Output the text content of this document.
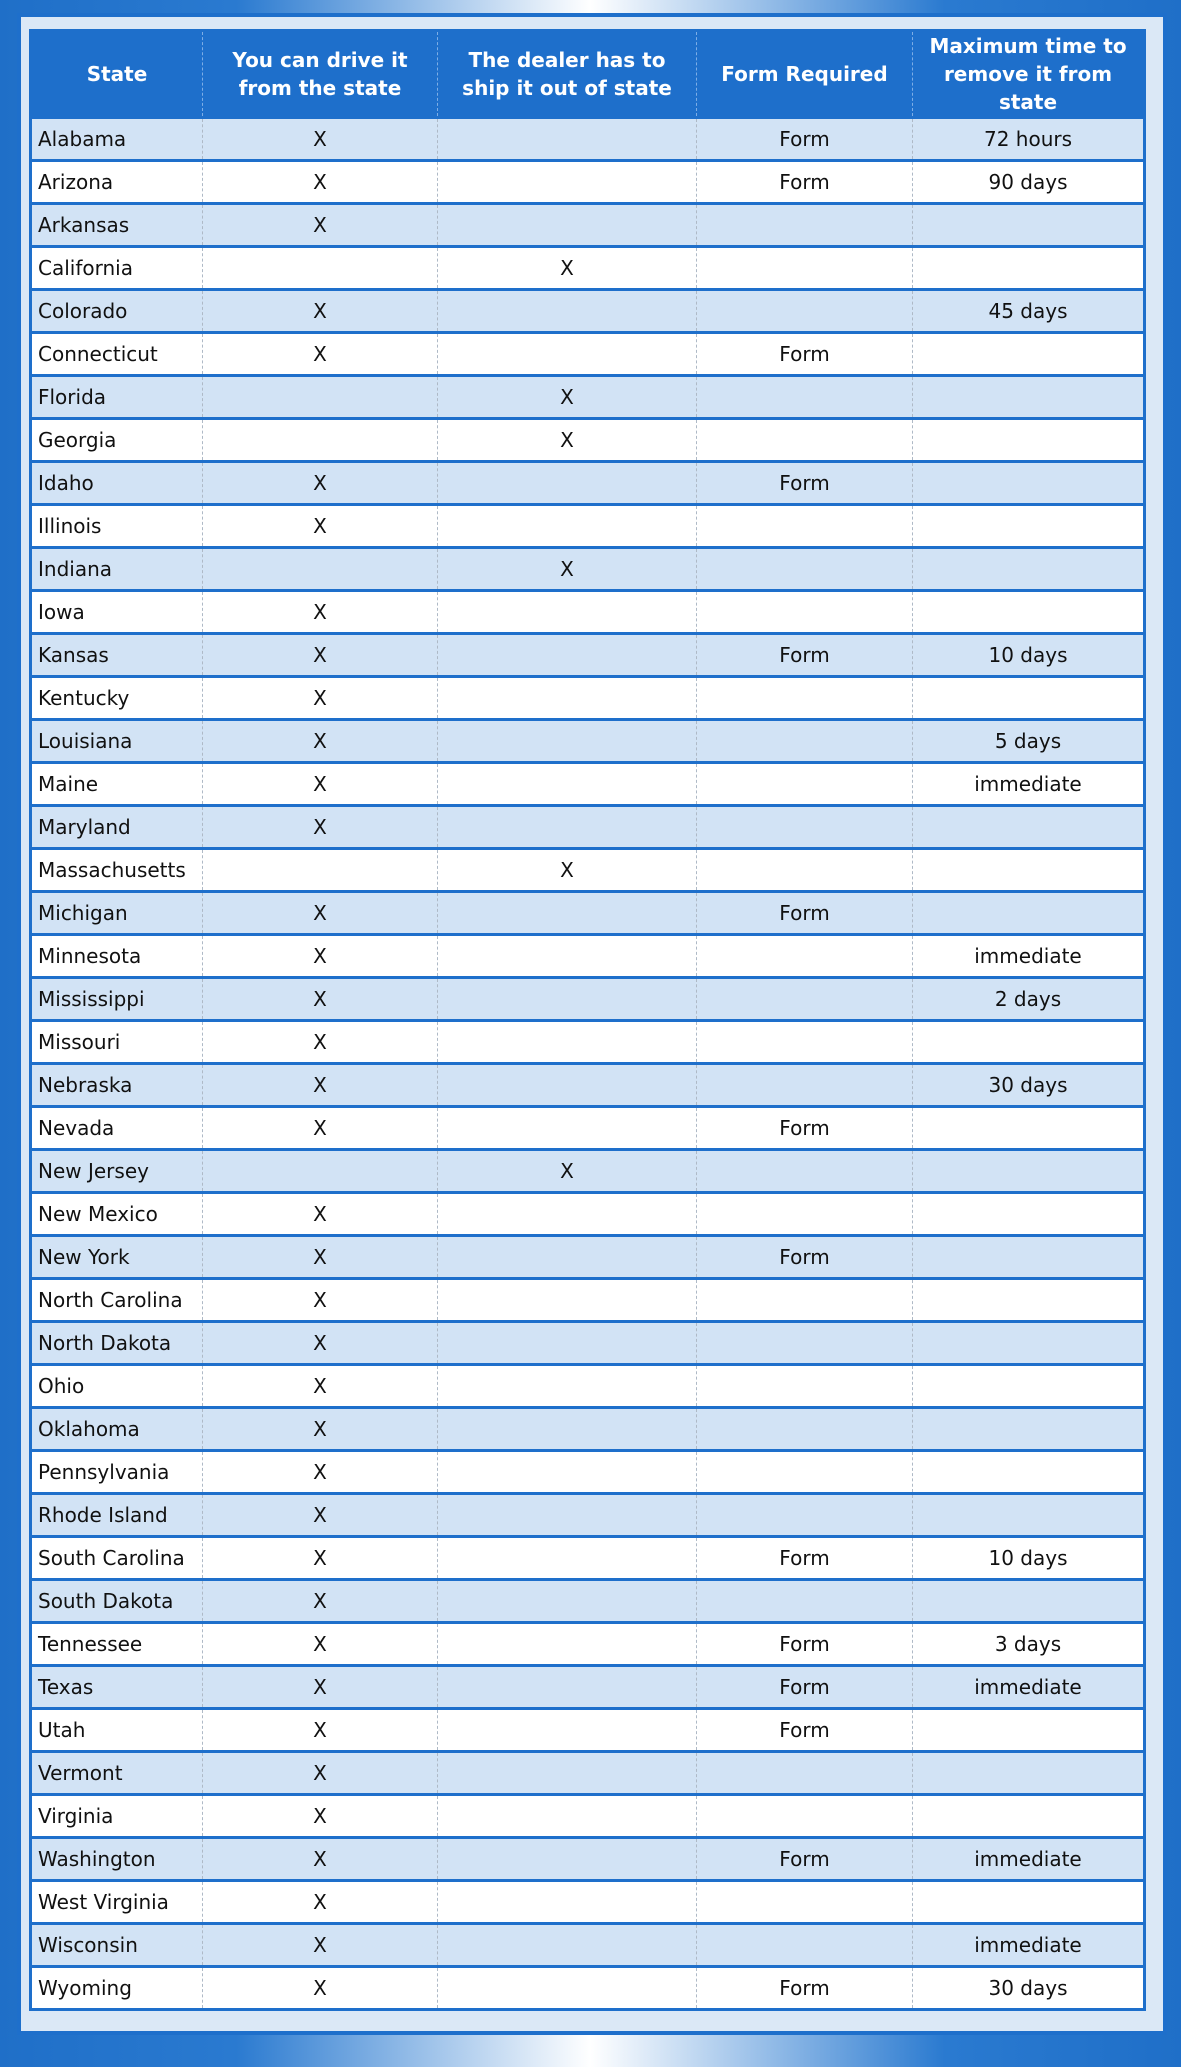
State	You can drive it from the state	The dealer has to ship it out of state	Form Required	Maximum time to remove it from state
Alabama	X		Form	72 hours
Arizona	X		Form	90 days
Arkansas	X			
California		X		
Colorado	X			45 days
Connecticut	X		Form	
Florida		X		
Georgia		X		
Idaho	X		Form	
Illinois	X			
Indiana		X		
Iowa	X			
Kansas	X		Form	10 days
Kentucky	X			
Louisiana	X			5 days
Maine	X			immediate
Maryland	X			
Massachusetts		X		
Michigan	X		Form	
Minnesota	X			immediate
Mississippi	X			2 days
Missouri	X			
Nebraska	X			30 days
Nevada	X		Form	
New Jersey		X		
New Mexico	X			
New York	X		Form	
North Carolina	X			
North Dakota	X			
Ohio	X			
Oklahoma	X			
Pennsylvania	X			
Rhode Island	X			
South Carolina	X		Form	10 days
South Dakota	X			
Tennessee	X		Form	3 days
Texas	X		Form	immediate
Utah	X		Form	
Vermont	X			
Virginia	X			
Washington	X		Form	immediate
West Virginia	X			
Wisconsin	X			immediate
Wyoming	X		Form	30 days
